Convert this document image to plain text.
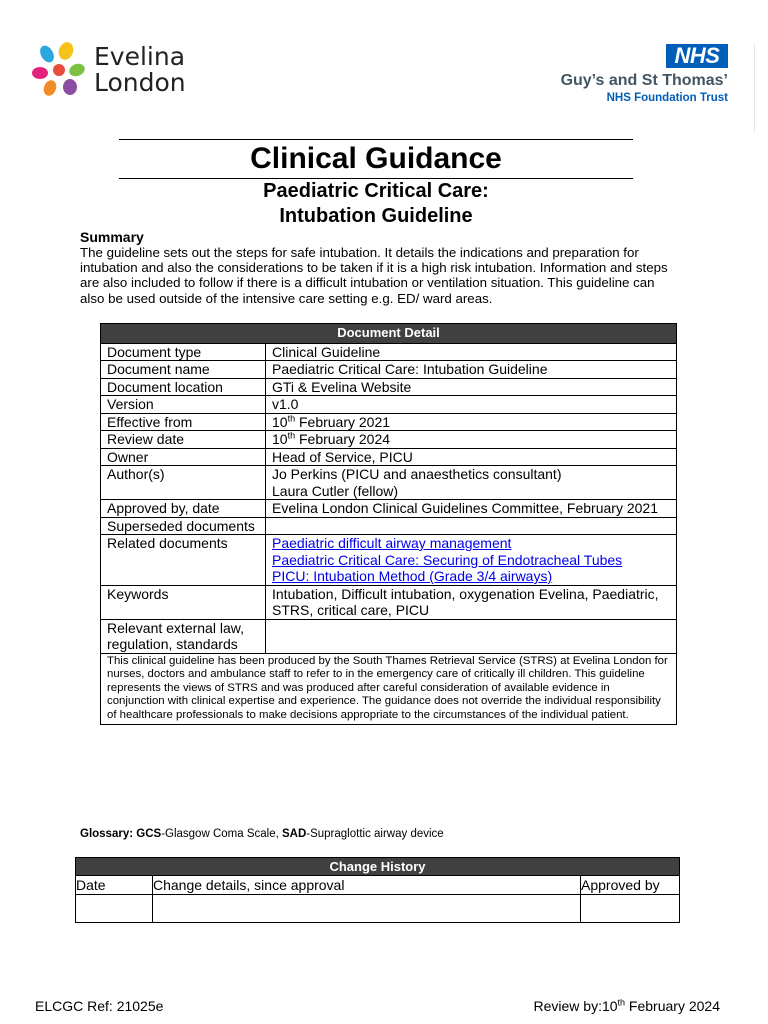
Evelina
London
NHS
Guy’s and St Thomas’
NHS Foundation Trust
Clinical Guidance
Paediatric Critical Care:
Intubation Guideline
Summary
The guideline sets out the steps for safe intubation. It details the indications and preparation for intubation and also the considerations to be taken if it is a high risk intubation. Information and steps are also included to follow if there is a difficult intubation or ventilation situation. This guideline can also be used outside of the intensive care setting e.g. ED/ ward areas.
Document Detail	
Document type	Clinical Guideline
Document name	Paediatric Critical Care: Intubation Guideline
Document location	GTi & Evelina Website
Version	v1.0
Effective from	10th February 2021
Review date	10th February 2024
Owner	Head of Service, PICU
Author(s)	Jo Perkins (PICU and anaesthetics consultant)
Laura Cutler (fellow)

Approved by, date	Evelina London Clinical Guidelines Committee, February 2021
Superseded documents	
Related documents	Paediatric difficult airway management
Paediatric Critical Care: Securing of Endotracheal Tubes
PICU: Intubation Method (Grade 3/4 airways)

Keywords	Intubation, Difficult intubation, oxygenation Evelina, Paediatric, STRS, critical care, PICU
Relevant external law, regulation, standards	
This clinical guideline has been produced by the South Thames Retrieval Service (STRS) at Evelina London for nurses, doctors and ambulance staff to refer to in the emergency care of critically ill children. This guideline represents the views of STRS and was produced after careful consideration of available evidence in conjunction with clinical expertise and experience. The guidance does not override the individual responsibility of healthcare professionals to make decisions appropriate to the circumstances of the individual patient.	
Glossary: GCS-Glasgow Coma Scale, SAD-Supraglottic airway device
Change History		
Date	Change details, since approval	Approved by

ELCGC Ref: 21025e	Review by:10th February 2024
